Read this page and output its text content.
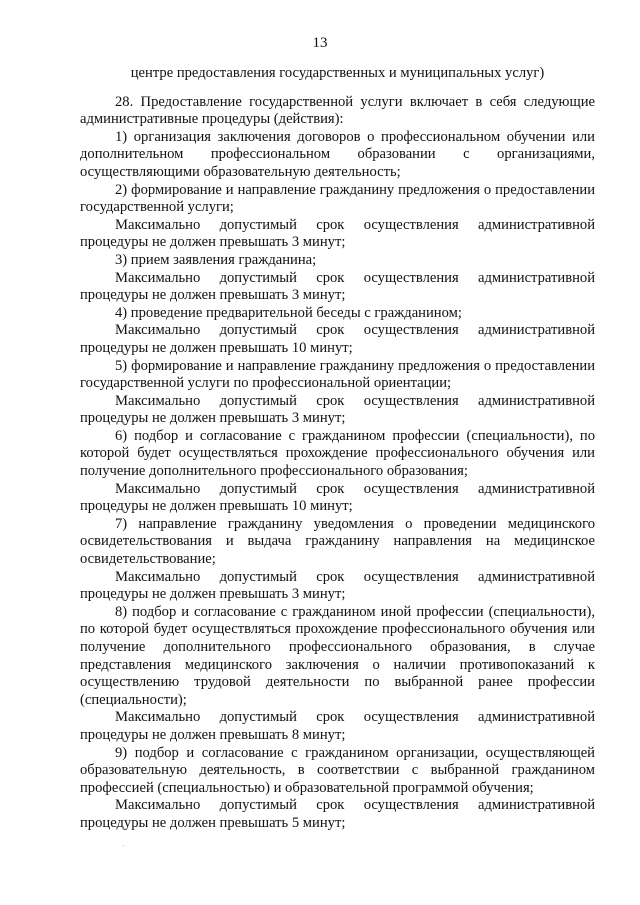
13

центре предоставления государственных и муниципальных услуг)

28. Предоставление государственной услуги включает в себя следующие административные процедуры (действия):

1) организация заключения договоров о профессиональном обучении или дополнительном профессиональном образовании с организациями, осуществляющими образовательную деятельность;

2) формирование и направление гражданину предложения о предоставлении государственной услуги;

Максимально допустимый срок осуществления административной процедуры не должен превышать 3 минут;

3) прием заявления гражданина;

Максимально допустимый срок осуществления административной процедуры не должен превышать 3 минут;

4) проведение предварительной беседы с гражданином;

Максимально допустимый срок осуществления административной процедуры не должен превышать 10 минут;

5) формирование и направление гражданину предложения о предоставлении государственной услуги по профессиональной ориентации;

Максимально допустимый срок осуществления административной процедуры не должен превышать 3 минут;

6) подбор и согласование с гражданином профессии (специальности), по которой будет осуществляться прохождение профессионального обучения или получение дополнительного профессионального образования;

Максимально допустимый срок осуществления административной процедуры не должен превышать 10 минут;

7) направление гражданину уведомления о проведении медицинского освидетельствования и выдача гражданину направления на медицинское освидетельствование;

Максимально допустимый срок осуществления административной процедуры не должен превышать 3 минут;

8) подбор и согласование с гражданином иной профессии (специальности), по которой будет осуществляться прохождение профессионального обучения или получение дополнительного профессионального образования, в случае представления медицинского заключения о наличии противопоказаний к осуществлению трудовой деятельности по выбранной ранее профессии (специальности);

Максимально допустимый срок осуществления административной процедуры не должен превышать 8 минут;

9) подбор и согласование с гражданином организации, осуществляющей образовательную деятельность, в соответствии с выбранной гражданином профессией (специальностью) и образовательной программой обучения;

Максимально допустимый срок осуществления административной процедуры не должен превышать 5 минут;
